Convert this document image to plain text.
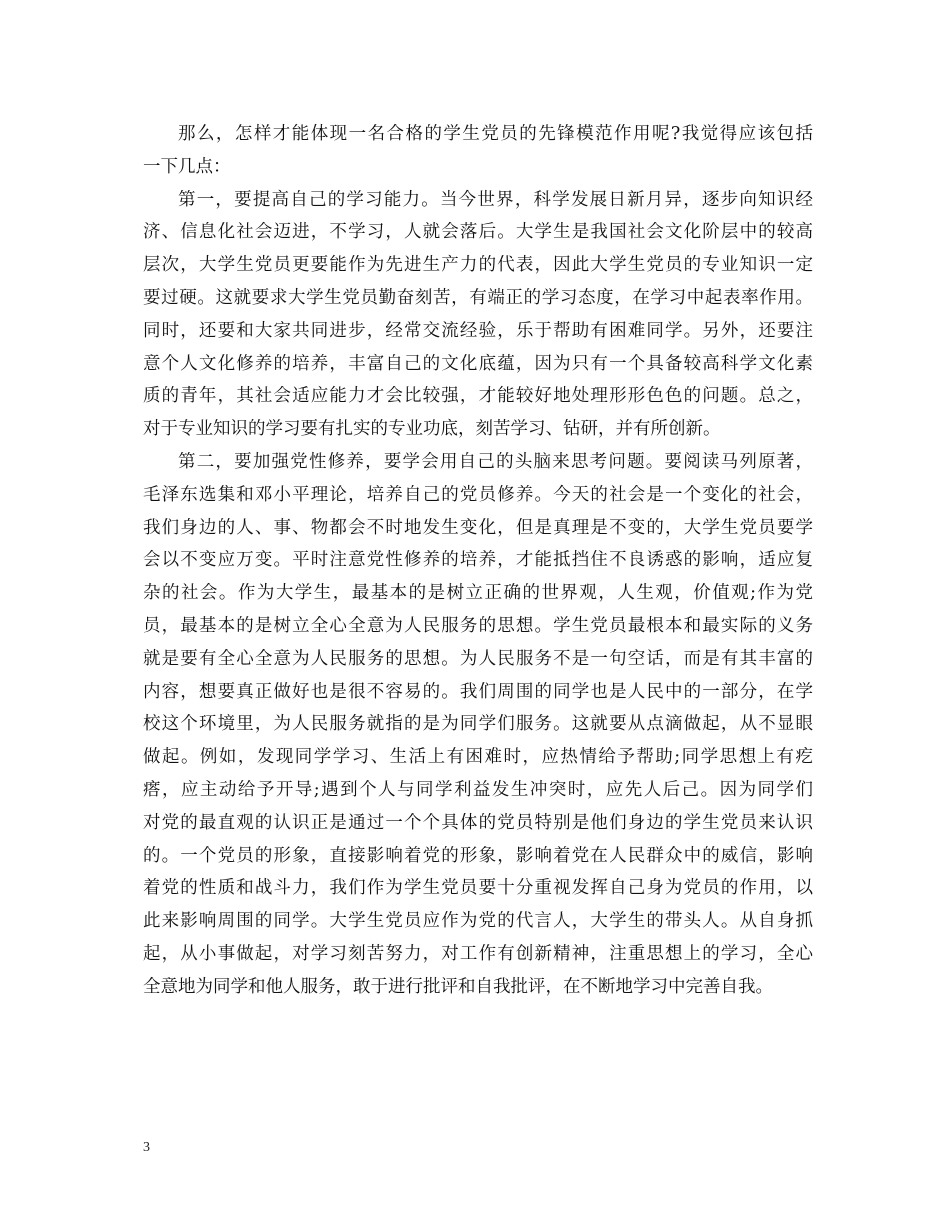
那么，怎样才能体现一名合格的学生党员的先锋模范作用呢?我觉得应该包括
一下几点：
第一，要提高自己的学习能力。当今世界，科学发展日新月异，逐步向知识经
济、信息化社会迈进，不学习，人就会落后。大学生是我国社会文化阶层中的较高
层次，大学生党员更要能作为先进生产力的代表，因此大学生党员的专业知识一定
要过硬。这就要求大学生党员勤奋刻苦，有端正的学习态度，在学习中起表率作用。
同时，还要和大家共同进步，经常交流经验，乐于帮助有困难同学。另外，还要注
意个人文化修养的培养，丰富自己的文化底蕴，因为只有一个具备较高科学文化素
质的青年，其社会适应能力才会比较强，才能较好地处理形形色色的问题。总之，
对于专业知识的学习要有扎实的专业功底，刻苦学习、钻研，并有所创新。
第二，要加强党性修养，要学会用自己的头脑来思考问题。要阅读马列原著，
毛泽东选集和邓小平理论，培养自己的党员修养。今天的社会是一个变化的社会，
我们身边的人、事、物都会不时地发生变化，但是真理是不变的，大学生党员要学
会以不变应万变。平时注意党性修养的培养，才能抵挡住不良诱惑的影响，适应复
杂的社会。作为大学生，最基本的是树立正确的世界观，人生观，价值观;作为党
员，最基本的是树立全心全意为人民服务的思想。学生党员最根本和最实际的义务
就是要有全心全意为人民服务的思想。为人民服务不是一句空话，而是有其丰富的
内容，想要真正做好也是很不容易的。我们周围的同学也是人民中的一部分，在学
校这个环境里，为人民服务就指的是为同学们服务。这就要从点滴做起，从不显眼
做起。例如，发现同学学习、生活上有困难时，应热情给予帮助;同学思想上有疙
瘩，应主动给予开导;遇到个人与同学利益发生冲突时，应先人后己。因为同学们
对党的最直观的认识正是通过一个个具体的党员特别是他们身边的学生党员来认识
的。一个党员的形象，直接影响着党的形象，影响着党在人民群众中的威信，影响
着党的性质和战斗力，我们作为学生党员要十分重视发挥自己身为党员的作用，以
此来影响周围的同学。大学生党员应作为党的代言人，大学生的带头人。从自身抓
起，从小事做起，对学习刻苦努力，对工作有创新精神，注重思想上的学习，全心
全意地为同学和他人服务，敢于进行批评和自我批评，在不断地学习中完善自我。
3
